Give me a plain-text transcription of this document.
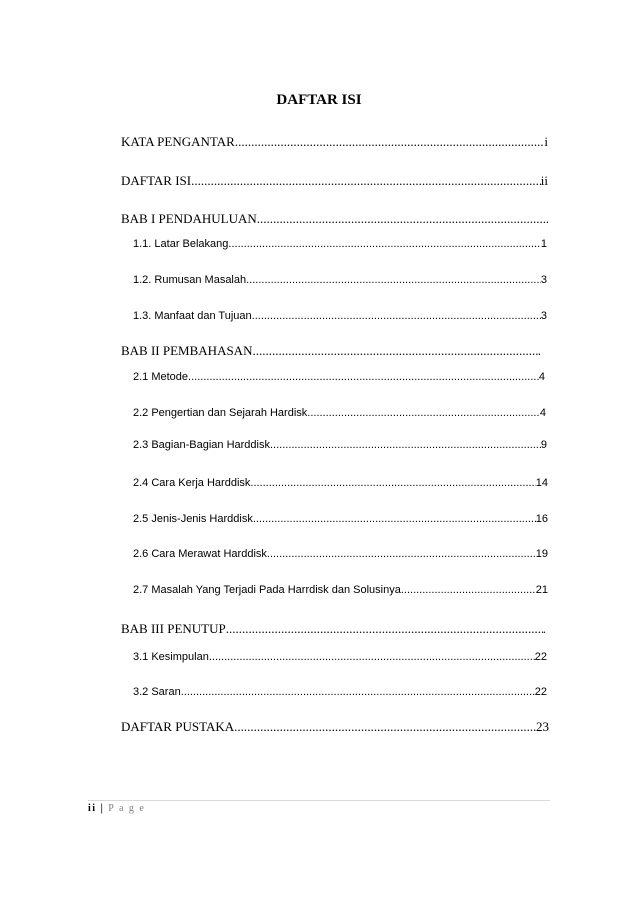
DAFTAR ISI
KATA PENGANTAR .....	i
DAFTAR ISI .....	ii
BAB I PENDAHULUAN .....	.
1.1. Latar Belakang .....	1
1.2. Rumusan Masalah .....	3
1.3. Manfaat dan Tujuan .....	3
BAB II PEMBAHASAN .....	.
2.1 Metode .....	4
2.2 Pengertian dan Sejarah Hardisk .....	4
2.3 Bagian-Bagian Harddisk .....	9
2.4 Cara Kerja Harddisk .....	14
2.5 Jenis-Jenis Harddisk .....	16
2.6 Cara Merawat Harddisk .....	19
2.7 Masalah Yang Terjadi Pada Harrdisk dan Solusinya .....	21
BAB III PENUTUP .....	.
3.1 Kesimpulan .....	22
3.2 Saran .....	22
DAFTAR PUSTAKA .....	23
ii | P a g e
